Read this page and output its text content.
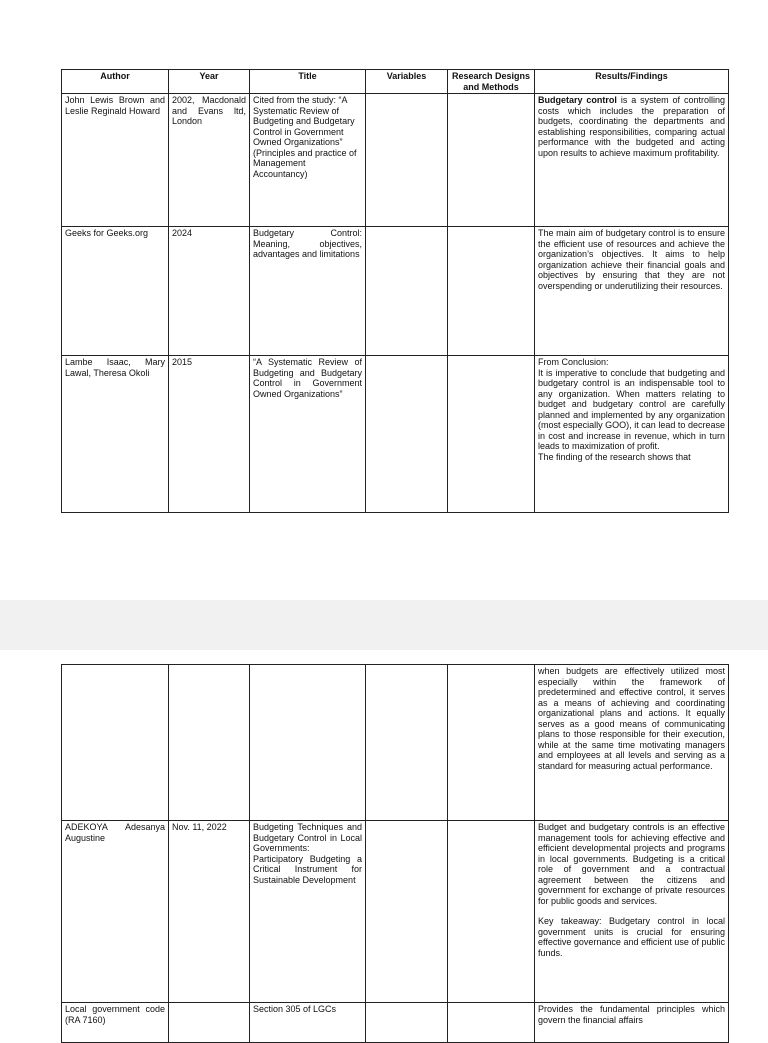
Author	Year	Title	Variables	Research Designs and Methods	Results/Findings
John Lewis Brown and Leslie Reginald Howard	2002, Macdonald and Evans ltd, London	Cited from the study: “A Systematic Review of Budgeting and Budgetary Control in Government Owned Organizations” (Principles and practice of Management Accountancy)			Budgetary control is a system of controlling costs which includes the preparation of budgets, coordinating the departments and establishing responsibilities, comparing actual performance with the budgeted and acting upon results to achieve maximum profitability.
Geeks for Geeks.org	2024	Budgetary Control: Meaning, objectives, advantages and limitations			The main aim of budgetary control is to ensure the efficient use of resources and achieve the organization’s objectives. It aims to help organization achieve their financial goals and objectives by ensuring that they are not overspending or underutilizing their resources.
Lambe Isaac, Mary Lawal, Theresa Okoli	2015	“A Systematic Review of Budgeting and Budgetary Control in Government Owned Organizations”			From Conclusion:
It is imperative to conclude that budgeting and budgetary control is an indispensable tool to any organization. When matters relating to budget and budgetary control are carefully planned and implemented by any organization (most especially GOO), it can lead to decrease in cost and increase in revenue, which in turn leads to maximization of profit.
The finding of the research shows that
					when budgets are effectively utilized most especially within the framework of predetermined and effective control, it serves as a means of achieving and coordinating organizational plans and actions. It equally serves as a good means of communicating plans to those responsible for their execution, while at the same time motivating managers and employees at all levels and serving as a standard for measuring actual performance.
ADEKOYA Adesanya Augustine	Nov. 11, 2022	Budgeting Techniques and Budgetary Control in Local Governments: Participatory Budgeting a Critical Instrument for Sustainable Development			Budget and budgetary controls is an effective management tools for achieving effective and efficient developmental projects and programs in local governments. Budgeting is a critical role of government and a contractual agreement between the citizens and government for exchange of private resources for public goods and services.
Key takeaway: Budgetary control in local government units is crucial for ensuring effective governance and efficient use of public funds.

Local government code (RA 7160)		Section 305 of LGCs			Provides the fundamental principles which govern the financial affairs
